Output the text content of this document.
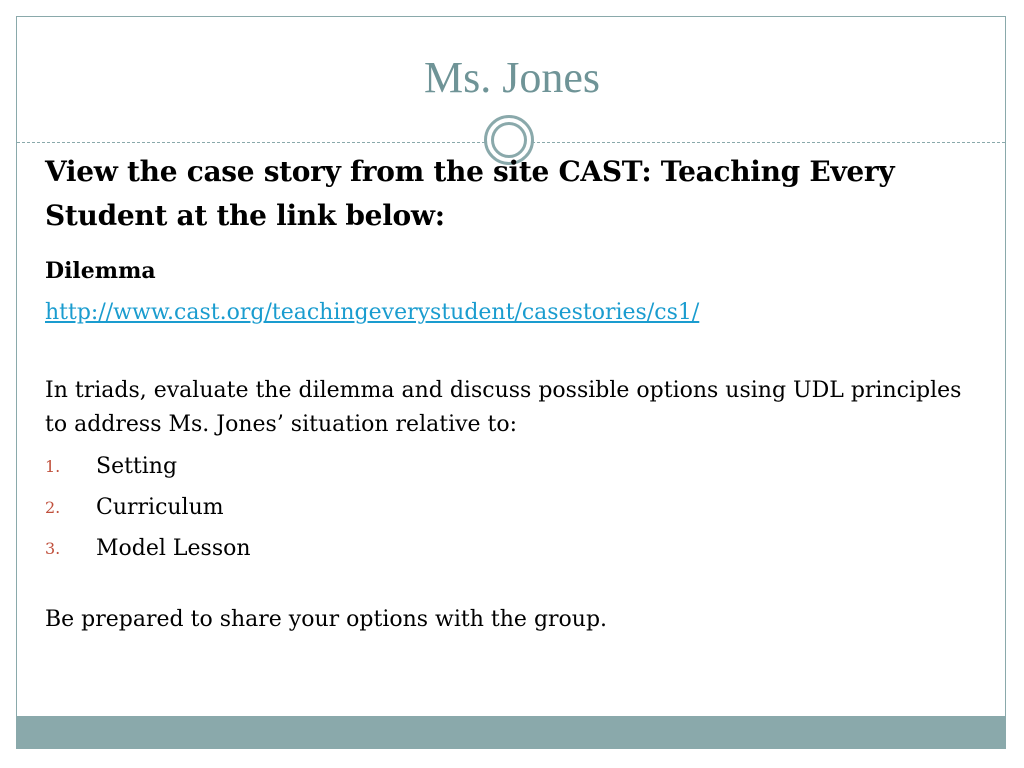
Ms. Jones

View the case story from the site CAST: Teaching Every Student at the link below:

Dilemma
http://www.cast.org/teachingeverystudent/casestories/cs1/
In triads, evaluate the dilemma and discuss possible options using UDL principles to address Ms. Jones’ situation relative to:
1.	Setting
2.	Curriculum
3.	Model Lesson
Be prepared to share your options with the group.
